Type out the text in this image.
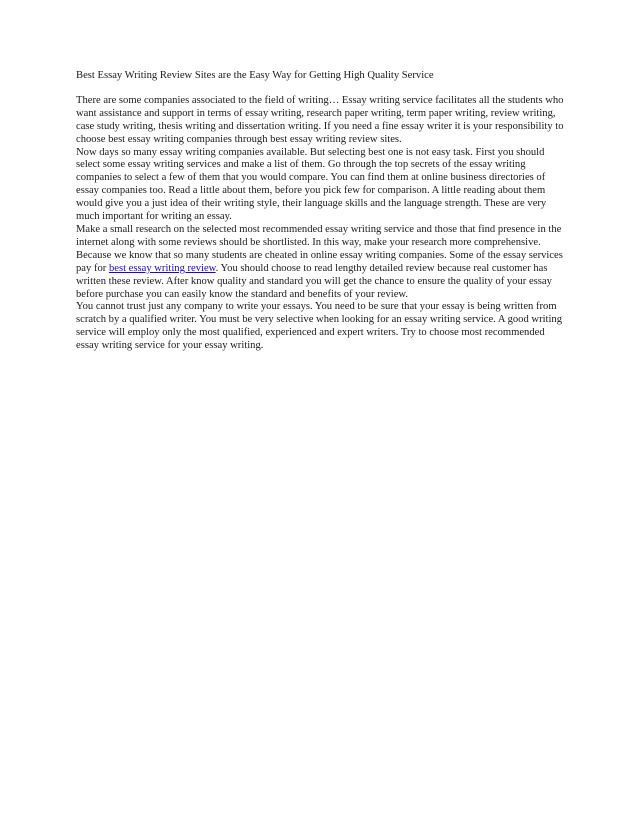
Best Essay Writing Review Sites are the Easy Way for Getting High Quality Service

There are some companies associated to the field of writing… Essay writing service facilitates all the students who want assistance and support in terms of essay writing, research paper writing, term paper writing, review writing, case study writing, thesis writing and dissertation writing. If you need a fine essay writer it is your responsibility to choose best essay writing companies through best essay writing review sites.

Now days so many essay writing companies available. But selecting best one is not easy task. First you should select some essay writing services and make a list of them. Go through the top secrets of the essay writing companies to select a few of them that you would compare. You can find them at online business directories of essay companies too. Read a little about them, before you pick few for comparison. A little reading about them would give you a just idea of their writing style, their language skills and the language strength. These are very much important for writing an essay.

Make a small research on the selected most recommended essay writing service and those that find presence in the internet along with some reviews should be shortlisted. In this way, make your research more comprehensive.

Because we know that so many students are cheated in online essay writing companies. Some of the essay services pay for best essay writing review. You should choose to read lengthy detailed review because real customer has written these review. After know quality and standard you will get the chance to ensure the quality of your essay before purchase you can easily know the standard and benefits of your review.

You cannot trust just any company to write your essays. You need to be sure that your essay is being written from scratch by a qualified writer. You must be very selective when looking for an essay writing service. A good writing service will employ only the most qualified, experienced and expert writers. Try to choose most recommended essay writing service for your essay writing.
